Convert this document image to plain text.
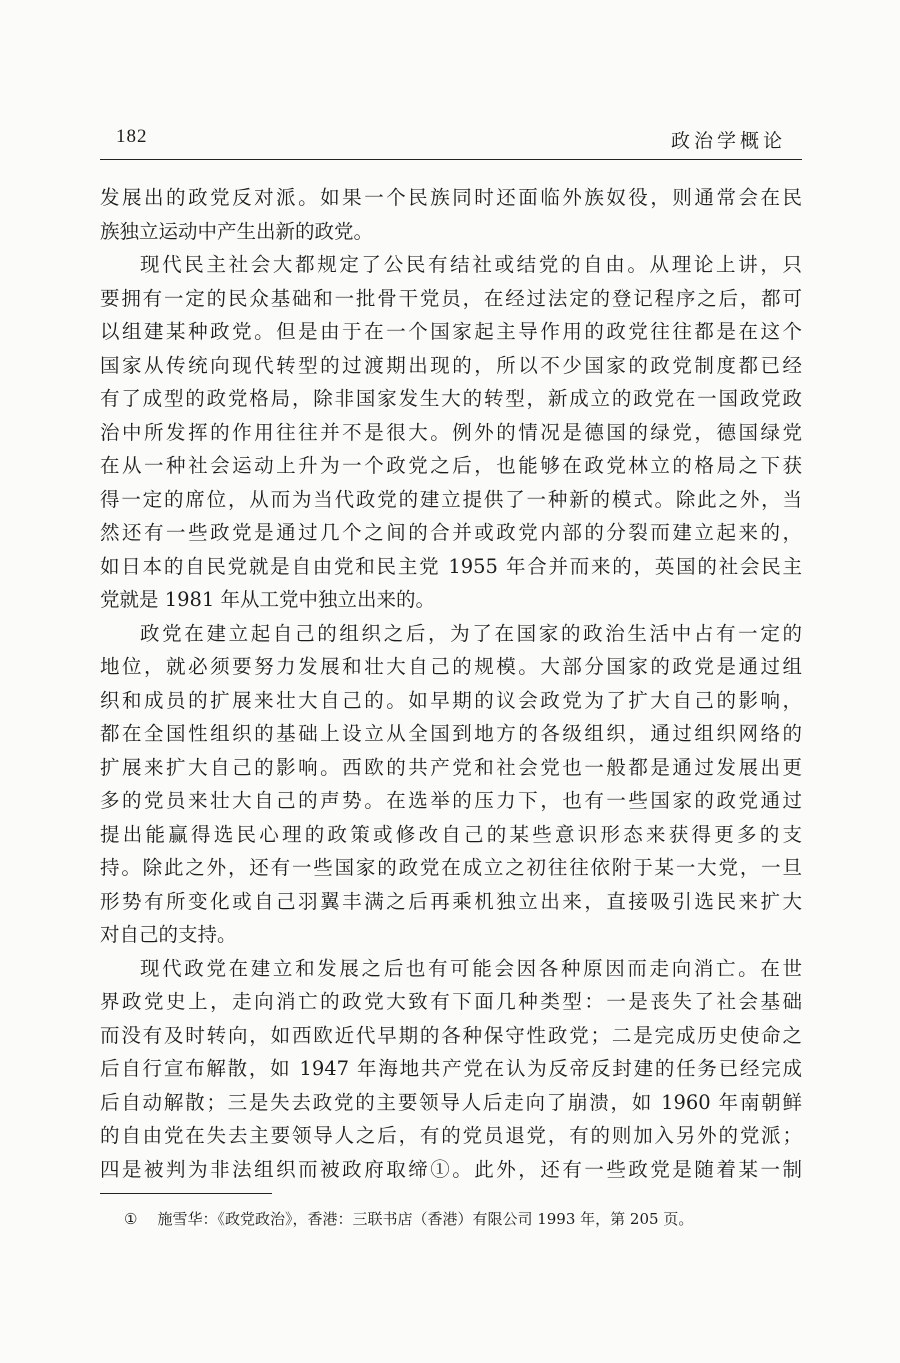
182	政治学概论
发展出的政党反对派。如果一个民族同时还面临外族奴役，则通常会在民
族独立运动中产生出新的政党。
现代民主社会大都规定了公民有结社或结党的自由。从理论上讲，只
要拥有一定的民众基础和一批骨干党员，在经过法定的登记程序之后，都可
以组建某种政党。但是由于在一个国家起主导作用的政党往往都是在这个
国家从传统向现代转型的过渡期出现的，所以不少国家的政党制度都已经
有了成型的政党格局，除非国家发生大的转型，新成立的政党在一国政党政
治中所发挥的作用往往并不是很大。例外的情况是德国的绿党，德国绿党
在从一种社会运动上升为一个政党之后，也能够在政党林立的格局之下获
得一定的席位，从而为当代政党的建立提供了一种新的模式。除此之外，当
然还有一些政党是通过几个之间的合并或政党内部的分裂而建立起来的，
如日本的自民党就是自由党和民主党 1955 年合并而来的，英国的社会民主
党就是 1981 年从工党中独立出来的。
政党在建立起自己的组织之后，为了在国家的政治生活中占有一定的
地位，就必须要努力发展和壮大自己的规模。大部分国家的政党是通过组
织和成员的扩展来壮大自己的。如早期的议会政党为了扩大自己的影响，
都在全国性组织的基础上设立从全国到地方的各级组织，通过组织网络的
扩展来扩大自己的影响。西欧的共产党和社会党也一般都是通过发展出更
多的党员来壮大自己的声势。在选举的压力下，也有一些国家的政党通过
提出能赢得选民心理的政策或修改自己的某些意识形态来获得更多的支
持。除此之外，还有一些国家的政党在成立之初往往依附于某一大党，一旦
形势有所变化或自己羽翼丰满之后再乘机独立出来，直接吸引选民来扩大
对自己的支持。
现代政党在建立和发展之后也有可能会因各种原因而走向消亡。在世
界政党史上，走向消亡的政党大致有下面几种类型：一是丧失了社会基础
而没有及时转向，如西欧近代早期的各种保守性政党；二是完成历史使命之
后自行宣布解散，如 1947 年海地共产党在认为反帝反封建的任务已经完成
后自动解散；三是失去政党的主要领导人后走向了崩溃，如 1960 年南朝鲜
的自由党在失去主要领导人之后，有的党员退党，有的则加入另外的党派；
四是被判为非法组织而被政府取缔①。此外，还有一些政党是随着某一制
① 施雪华：《政党政治》，香港：三联书店（香港）有限公司 1993 年，第 205 页。
